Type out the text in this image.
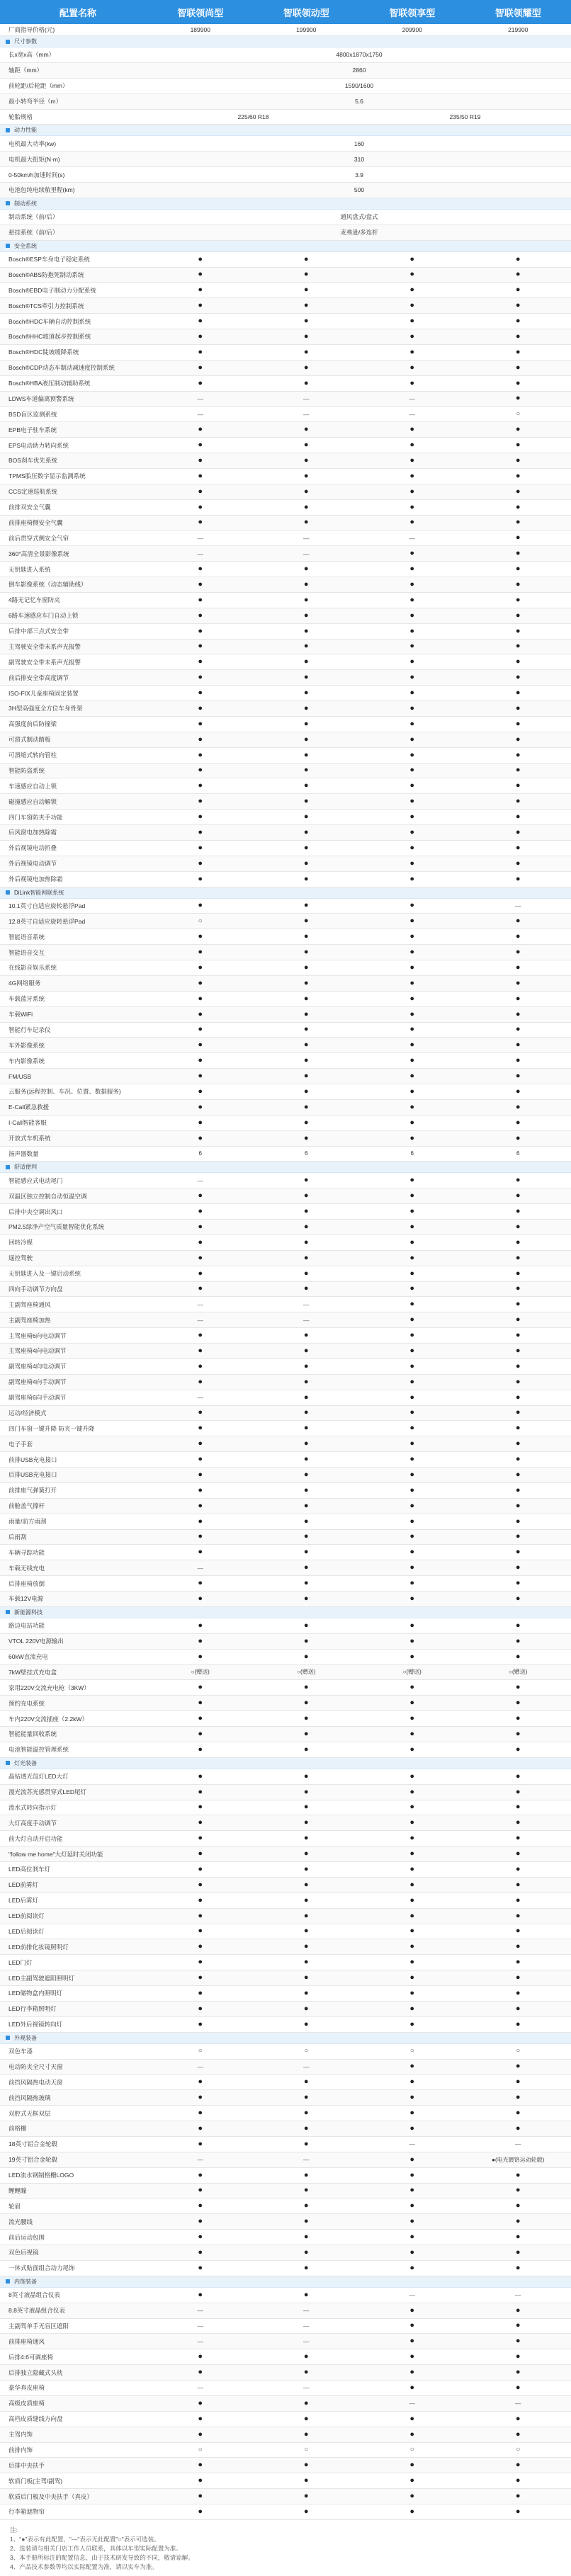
配置名称	智联领尚型	智联领动型	智联领享型	智联领耀型
厂商指导价格(元)	189900	199900	209900	219900
尺寸参数
长x宽x高（mm）	4800x1870x1750
轴距（mm）	2860
前轮距/后轮距（mm）	1590/1600
最小转弯半径（m）	5.6
轮胎规格	225/60 R18	235/50 R19
动力性能
电机最大功率(kw)	160
电机最大扭矩(N·m)	310
0-50km/h加速时间(s)	3.9
电池包纯电续航里程(km)	500
制动系统
制动系统（前/后）	通风盘式/盘式
悬挂系统（前/后）	麦弗逊/多连杆
安全系统
Bosch®ESP车身电子稳定系统	●	●	●	●
Bosch®ABS防抱死制动系统	●	●	●	●
Bosch®EBD电子制动力分配系统	●	●	●	●
Bosch®TCS牵引力控制系统	●	●	●	●
Bosch®HDC车辆自动控制系统	●	●	●	●
Bosch®HHC坡道起步控制系统	●	●	●	●
Bosch®HDC陡坡缓降系统	●	●	●	●
Bosch®CDP动态车制动减速度控制系统	●	●	●	●
Bosch®HBA液压制动辅助系统	●	●	●	●
LDWS车道偏离预警系统	—	—	—	●
BSD盲区监测系统	—	—	—	○
EPB电子驻车系统	●	●	●	●
EPS电动助力转向系统	●	●	●	●
BOS刹车优先系统	●	●	●	●
TPMS胎压数字显示监测系统	●	●	●	●
CCS定速巡航系统	●	●	●	●
前排双安全气囊	●	●	●	●
前排座椅侧安全气囊	●	●	●	●
前后贯穿式侧安全气帘	—	—	—	●
360°高清全景影像系统	—	—	●	●
无钥匙进入系统	●	●	●	●
倒车影像系统（动态辅助线）	●	●	●	●
4路无记忆车窗防夹	●	●	●	●
6路车速感应车门自动上锁	●	●	●	●
后排中部三点式安全带	●	●	●	●
主驾驶安全带未系声光报警	●	●	●	●
副驾驶安全带未系声光报警	●	●	●	●
前后排安全带高度调节	●	●	●	●
ISO-FIX儿童座椅固定装置	●	●	●	●
3H型高强度全方位车身骨架	●	●	●	●
高强度前后防撞梁	●	●	●	●
可溃式制动踏板	●	●	●	●
可溃缩式转向管柱	●	●	●	●
智能防盗系统	●	●	●	●
车速感应自动上锁	●	●	●	●
碰撞感应自动解锁	●	●	●	●
四门车窗防夹手功能	●	●	●	●
后风窗电加热除霜	●	●	●	●
外后视镜电动折叠	●	●	●	●
外后视镜电动调节	●	●	●	●
外后视镜电加热除霜	●	●	●	●
DiLink智能网联系统
10.1英寸自适应旋转悬浮Pad	●	●	●	—
12.8英寸自适应旋转悬浮Pad	○	●	●	●
智能语音系统	●	●	●	●
智能语音交互	●	●	●	●
在线影音娱乐系统	●	●	●	●
4G网络服务	●	●	●	●
车载蓝牙系统	●	●	●	●
车载WiFi	●	●	●	●
智能行车记录仪	●	●	●	●
车外影像系统	●	●	●	●
车内影像系统	●	●	●	●
FM/USB	●	●	●	●
云服务(远程控制、车况、位置、数据服务)	●	●	●	●
E-Call紧急救援	●	●	●	●
I-Call智能客服	●	●	●	●
开放式车机系统	●	●	●	●
扬声器数量	6	6	6	6
舒适便利
智能感应式电动尾门	—	●	●	●
双温区独立控制自动恒温空调	●	●	●	●
后排中央空调出风口	●	●	●	●
PM2.5绿净产空气质量智能优化系统	●	●	●	●
回转冷媒	●	●	●	●
遥控驾驶	●	●	●	●
无钥匙进入及一键启动系统	●	●	●	●
四向手动调节方向盘	●	●	●	●
主副驾座椅通风	—	—	●	●
主副驾座椅加热	—	—	●	●
主驾座椅6向电动调节	●	●	●	●
主驾座椅4向电动调节	●	●	●	●
副驾座椅4向电动调节	●	●	●	●
副驾座椅4向手动调节	●	●	●	●
副驾座椅6向手动调节	—	●	●	●
运动/经济模式	●	●	●	●
四门车窗一键升降 防夹一键升降	●	●	●	●
电子手套	●	●	●	●
前排USB充电接口	●	●	●	●
后排USB充电接口	●	●	●	●
前排座气弹簧打开	●	●	●	●
前舱盖气撑杆	●	●	●	●
雨量/前方雨刮	●	●	●	●
后雨刮	●	●	●	●
车辆寻踪功能	●	●	●	●
车载无线充电	—	●	●	●
后排座椅放倒	●	●	●	●
车载12V电源	●	●	●	●
新能源科技
路边电站功能	●	●	●	●
VTOL 220V电源输出	●	●	●	●
60kW直流充电	●	●	●	●
7kW壁挂式充电盒	○(赠送)	○(赠送)	○(赠送)	○(赠送)
家用220V交流充电枪（3KW）	●	●	●	●
预约充电系统	●	●	●	●
车内220V交流插座（2.2kW）	●	●	●	●
智能能量回收系统	●	●	●	●
电池智能温控管理系统	●	●	●	●
灯光装备
晶钻透光氙灯LED大灯	●	●	●	●
漫光流苏光感贯穿式LED尾灯	●	●	●	●
流水式转向指示灯	●	●	●	●
大灯高度手动调节	●	●	●	●
前大灯自动开启功能	●	●	●	●
"follow me home"大灯延时关闭功能	●	●	●	●
LED高位刹车灯	●	●	●	●
LED前雾灯	●	●	●	●
LED后雾灯	●	●	●	●
LED前阅读灯	●	●	●	●
LED后阅读灯	●	●	●	●
LED前排化妆镜照明灯	●	●	●	●
LED门灯	●	●	●	●
LED主副驾驶遮阳照明灯	●	●	●	●
LED储物盒内照明灯	●	●	●	●
LED行李箱照明灯	●	●	●	●
LED外后视镜转向灯	●	●	●	●
外观装备
双色车漆	○	○	○	○
电动防夹全尺寸天窗	—	—	●	●
前挡风隔热电动天窗	●	●	●	●
前挡风隔热玻璃	●	●	●	●
双腔式无框双层	●	●	●	●
前格栅	●	●	●	●
18英寸铝合金轮毂	●	●	—	—
19英寸铝合金轮毂	—	—	●	●(电光镀铬运动轮毂)
LED流水钢制格栅LOGO	●	●	●	●
鲤鲤瞳	●	●	●	●
轮眉	●	●	●	●
流光腰线	●	●	●	●
前后运动包围	●	●	●	●
双色后视镜	●	●	●	●
一体式贴面组合动力尾饰	●	●	●	●
内饰装备
8英寸液晶组合仪表	●	●	—	—
8.8英寸液晶组合仪表	—	—	●	●
主副驾单手无盲区遮阳	—	—	●	●
前排座椅通风	—	—	●	●
后排4:6可调座椅	●	●	●	●
后排独立隐藏式头枕	●	●	●	●
豪华真皮座椅	—	—	●	●
高级皮质座椅	●	●	—	—
高档皮质缝线方向盘	●	●	●	●
主驾内饰	●	●	●	●
前排内饰	○	○	○	○
后排中央扶手	●	●	●	●
软质门板(主驾/副驾)	●	●	●	●
软质后门板及中央扶手（真皮）	●	●	●	●
行李箱遮物帘	●	●	●	●
注:
1、"●"表示有此配置，"—"表示无此配置"○"表示可选装。
2、选装请与相关门店工作人员联系，具体以车型实际配置为准。
3、本手册所标注的配置信息，由于技术研发导致的不同，敬请谅解。
4、产品技术参数等均以实际配置为准，请以实车为准。
